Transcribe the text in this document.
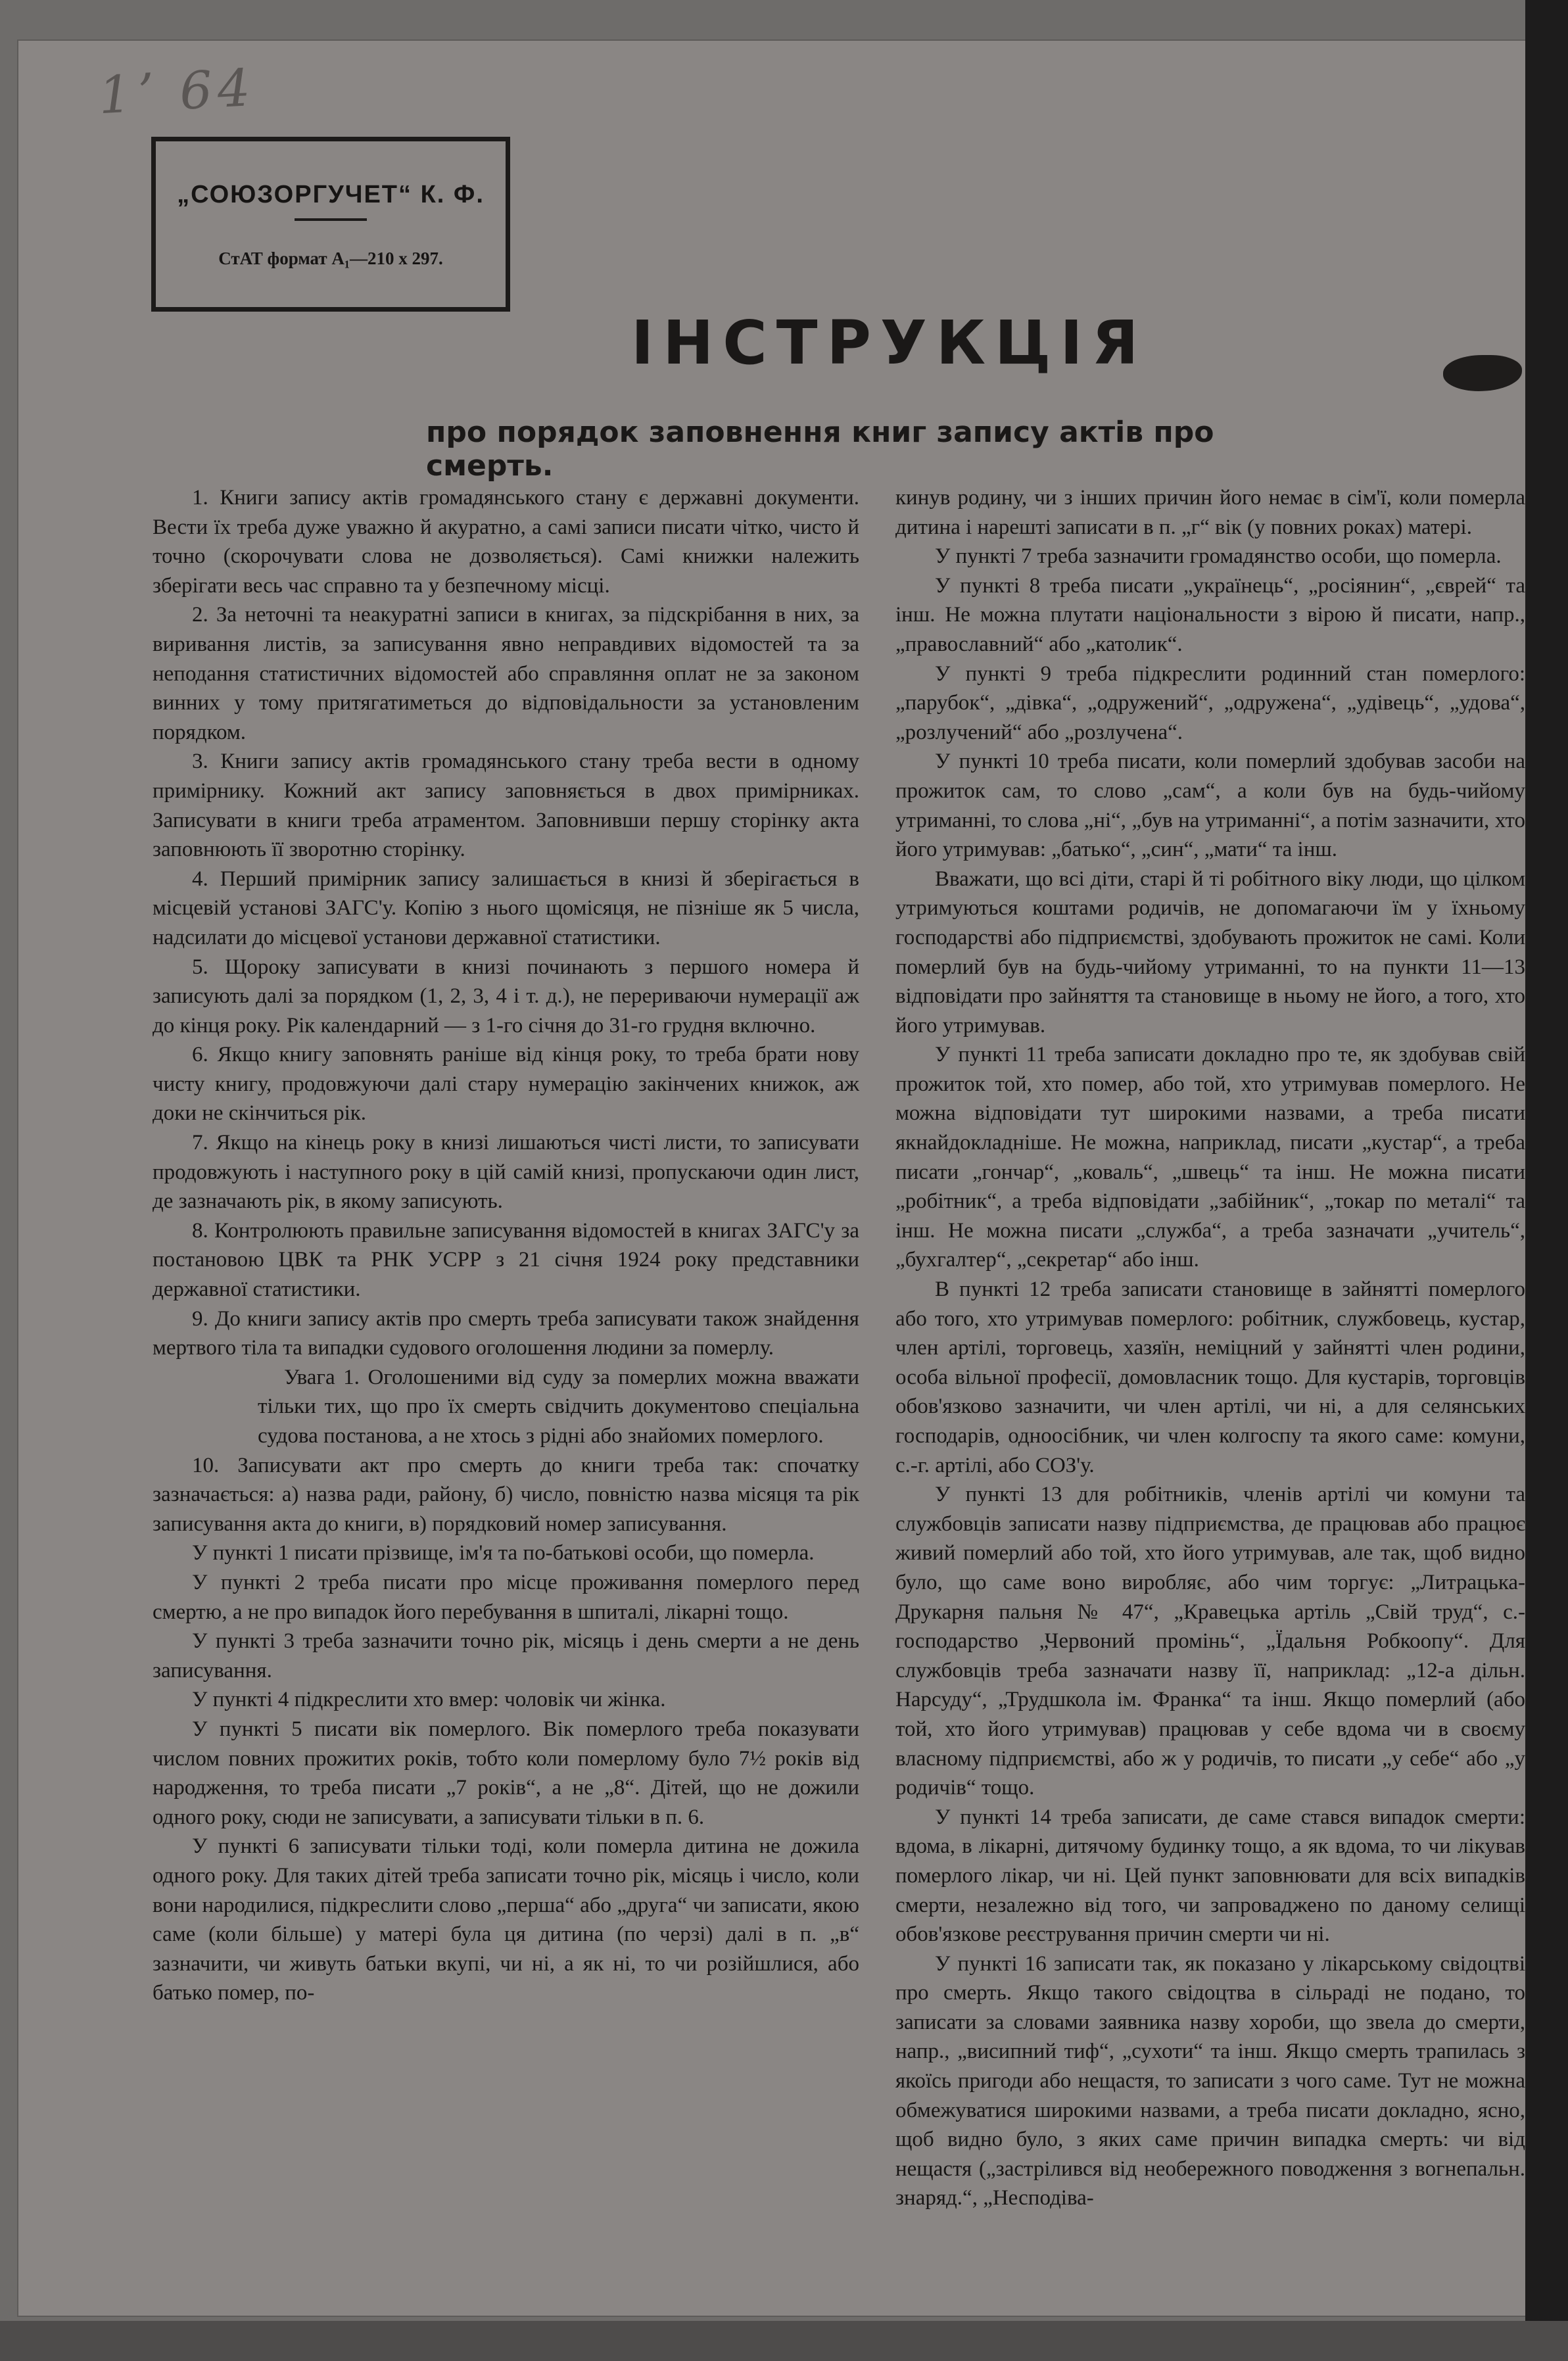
1ʼ 64
„СОЮЗОРГУЧЕТ“ К. Ф.
СтАТ формат A₁—210 x 297.
ІНСТРУКЦІЯ
про порядок заповнення книг запису актів про смерть.

1. Книги запису актів громадянського стану є державні документи. Вести їх треба дуже уважно й акуратно, а самі записи писати чітко, чисто й точно (скорочувати слова не дозволяється). Самі книжки належить зберігати весь час справно та у безпечному місці.

2. За неточні та неакуратні записи в книгах, за підскрібання в них, за виривання листів, за записування явно неправдивих відомостей та за неподання статистичних відомостей або справляння оплат не за законом винних у тому притягатиметься до відповідальности за установленим порядком.

3. Книги запису актів громадянського стану треба вести в одному примірнику. Кожний акт запису заповняється в двох примірниках. Записувати в книги треба атраментом. Заповнивши першу сторінку акта заповнюють її зворотню сторінку.

4. Перший примірник запису залишається в книзі й зберігається в місцевій установі ЗАГС'у. Копію з нього щомісяця, не пізніше як 5 числа, надсилати до місцевої установи державної статистики.

5. Щороку записувати в книзі починають з першого номера й записують далі за порядком (1, 2, 3, 4 і т. д.), не перериваючи нумерації аж до кінця року. Рік календарний — з 1-го січня до 31-го грудня включно.

6. Якщо книгу заповнять раніше від кінця року, то треба брати нову чисту книгу, продовжуючи далі стару нумерацію закінчених книжок, аж доки не скінчиться рік.

7. Якщо на кінець року в книзі лишаються чисті листи, то записувати продовжують і наступного року в цій самій книзі, пропускаючи один лист, де зазначають рік, в якому записують.

8. Контролюють правильне записування відомостей в книгах ЗАГС'у за постановою ЦВК та РНК УСРР з 21 січня 1924 року представники державної статистики.

9. До книги запису актів про смерть треба записувати також знайдення мертвого тіла та випадки судового оголошення людини за померлу.

Увага 1. Оголошеними від суду за померлих можна вважати тільки тих, що про їх смерть свідчить документово спеціальна судова постанова, а не хтось з рідні або знайомих померлого.

10. Записувати акт про смерть до книги треба так: спочатку зазначається: а) назва ради, району, б) число, повністю назва місяця та рік записування акта до книги, в) порядковий номер записування.

У пункті 1 писати прізвище, ім'я та по-батькові особи, що померла.

У пункті 2 треба писати про місце проживання померлого перед смертю, а не про випадок його перебування в шпиталі, лікарні тощо.

У пункті 3 треба зазначити точно рік, місяць і день смерти а не день записування.

У пункті 4 підкреслити хто вмер: чоловік чи жінка.

У пункті 5 писати вік померлого. Вік померлого треба показувати числом повних прожитих років, тобто коли померлому було 7½ років від народження, то треба писати „7 років“, а не „8“. Дітей, що не дожили одного року, сюди не записувати, а записувати тільки в п. 6.

У пункті 6 записувати тільки тоді, коли померла дитина не дожила одного року. Для таких дітей треба записати точно рік, місяць і число, коли вони народилися, підкреслити слово „перша“ або „друга“ чи записати, якою саме (коли більше) у матері була ця дитина (по черзі) далі в п. „в“ зазначити, чи живуть батьки вкупі, чи ні, а як ні, то чи розійшлися, або батько помер, по-

кинув родину, чи з інших причин його немає в сім'ї, коли померла дитина і нарешті записати в п. „г“ вік (у повних роках) матері.

У пункті 7 треба зазначити громадянство особи, що померла.

У пункті 8 треба писати „українець“, „росіянин“, „єврей“ та інш. Не можна плутати національности з вірою й писати, напр., „православний“ або „католик“.

У пункті 9 треба підкреслити родинний стан померлого: „парубок“, „дівка“, „одружений“, „одружена“, „удівець“, „удова“, „розлучений“ або „розлучена“.

У пункті 10 треба писати, коли померлий здобував засоби на прожиток сам, то слово „сам“, а коли був на будь-чийому утриманні, то слова „ні“, „був на утриманні“, а потім зазначити, хто його утримував: „батько“, „син“, „мати“ та інш.

Вважати, що всі діти, старі й ті робітного віку люди, що цілком утримуються коштами родичів, не допомагаючи їм у їхньому господарстві або підприємстві, здобувають прожиток не самі. Коли померлий був на будь-чийому утриманні, то на пункти 11—13 відповідати про зайняття та становище в ньому не його, а того, хто його утримував.

У пункті 11 треба записати докладно про те, як здобував свій прожиток той, хто помер, або той, хто утримував померлого. Не можна відповідати тут широкими назвами, а треба писати якнайдокладніше. Не можна, наприклад, писати „кустар“, а треба писати „гончар“, „коваль“, „швець“ та інш. Не можна писати „робітник“, а треба відповідати „забійник“, „токар по металі“ та інш. Не можна писати „служба“, а треба зазначати „учитель“, „бухгалтер“, „секретар“ або інш.

В пункті 12 треба записати становище в зайнятті померлого або того, хто утримував померлого: робітник, службовець, кустар, член артілі, торговець, хазяїн, неміцний у зайнятті член родини, особа вільної професії, домовласник тощо. Для кустарів, торговців обов'язково зазначити, чи член артілі, чи ні, а для селянських господарів, одноосібник, чи член колгоспу та якого саме: комуни, с.-г. артілі, або СОЗ'у.

У пункті 13 для робітників, членів артілі чи комуни та службовців записати назву підприємства, де працював або працює живий померлий або той, хто його утримував, але так, щоб видно було, що саме воно виробляє, або чим торгує: „Литрацька-Друкарня пальня № 47“, „Кравецька артіль „Свій труд“, с.-господарство „Червоний промінь“, „Їдальня Робкоопу“. Для службовців треба зазначати назву її, наприклад: „12-а дільн. Нарсуду“, „Трудшкола ім. Франка“ та інш. Якщо померлий (або той, хто його утримував) працював у себе вдома чи в своєму власному підприємстві, або ж у родичів, то писати „у себе“ або „у родичів“ тощо.

У пункті 14 треба записати, де саме стався випадок смерти: вдома, в лікарні, дитячому будинку тощо, а як вдома, то чи лікував померлого лікар, чи ні. Цей пункт заповнювати для всіх випадків смерти, незалежно від того, чи запроваджено по даному селищі обов'язкове реєстрування причин смерти чи ні.

У пункті 16 записати так, як показано у лікарському свідоцтві про смерть. Якщо такого свідоцтва в сільраді не подано, то записати за словами заявника назву хороби, що звела до смерти, напр., „висипний тиф“, „сухоти“ та інш. Якщо смерть трапилась з якоїсь пригоди або нещастя, то записати з чого саме. Тут не можна обмежуватися широкими назвами, а треба писати докладно, ясно, щоб видно було, з яких саме причин випадка смерть: чи від нещастя („застрілився від необережного поводження з вогнепальн. знаряд.“, „Несподіва-
